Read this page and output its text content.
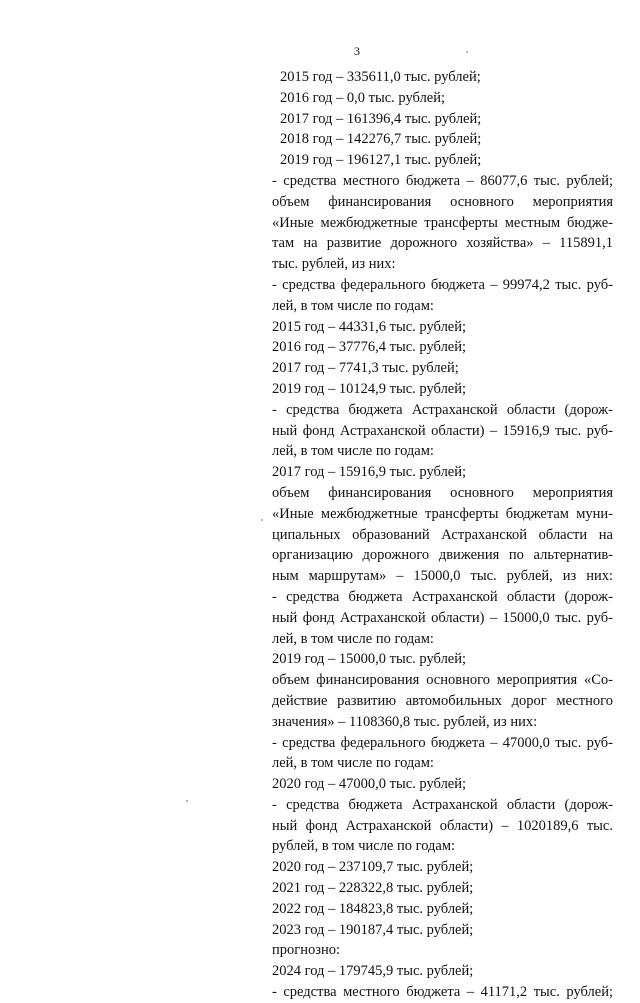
3
2015 год – 335611,0 тыс. рублей;
2016 год – 0,0 тыс. рублей;
2017 год – 161396,4 тыс. рублей;
2018 год – 142276,7 тыс. рублей;
2019 год – 196127,1 тыс. рублей;
- средства местного бюджета – 86077,6 тыс. рублей;
объем финансирования основного мероприятия
«Иные межбюджетные трансферты местным бюдже-
там на развитие дорожного хозяйства» – 115891,1
тыс. рублей, из них:
- средства федерального бюджета – 99974,2 тыс. руб-
лей, в том числе по годам:
2015 год – 44331,6 тыс. рублей;
2016 год – 37776,4 тыс. рублей;
2017 год – 7741,3 тыс. рублей;
2019 год – 10124,9 тыс. рублей;
- средства бюджета Астраханской области (дорож-
ный фонд Астраханской области) – 15916,9 тыс. руб-
лей, в том числе по годам:
2017 год – 15916,9 тыс. рублей;
объем финансирования основного мероприятия
«Иные межбюджетные трансферты бюджетам муни-
ципальных образований Астраханской области на
организацию дорожного движения по альтернатив-
ным маршрутам» – 15000,0 тыс. рублей, из них:
- средства бюджета Астраханской области (дорож-
ный фонд Астраханской области) – 15000,0 тыс. руб-
лей, в том числе по годам:
2019 год – 15000,0 тыс. рублей;
объем финансирования основного мероприятия «Со-
действие развитию автомобильных дорог местного
значения» – 1108360,8 тыс. рублей, из них:
- средства федерального бюджета – 47000,0 тыс. руб-
лей, в том числе по годам:
2020 год – 47000,0 тыс. рублей;
- средства бюджета Астраханской области (дорож-
ный фонд Астраханской области) – 1020189,6 тыс.
рублей, в том числе по годам:
2020 год – 237109,7 тыс. рублей;
2021 год – 228322,8 тыс. рублей;
2022 год – 184823,8 тыс. рублей;
2023 год – 190187,4 тыс. рублей;
прогнозно:
2024 год – 179745,9 тыс. рублей;
- средства местного бюджета – 41171,2 тыс. рублей;
